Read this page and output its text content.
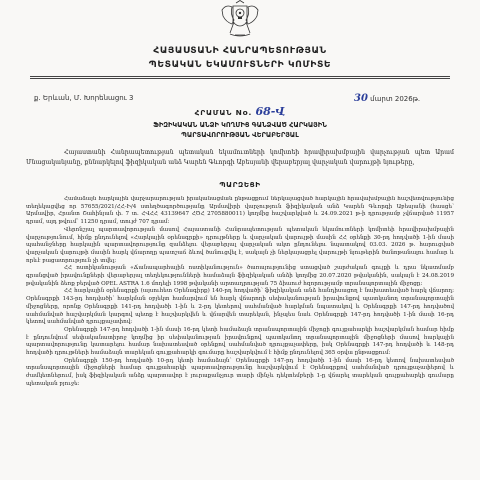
ՀԱՅԱՍՏԱՆԻ ՀԱՆՐԱՊԵՏՈՒԹՅԱՆ
ՊԵՏԱԿԱՆ ԵԿԱՄՈՒՏՆԵՐԻ ԿՈՄԻՏԵ
ք. Երևան, Մ. Խորենացու 3	30 մարտ 2026թ.
ՀՐԱՄԱՆ No. 68-Վ
ՖԻԶԻԿԱԿԱՆ ԱՆՁԻ ԿՈՂՄԻՑ ԳԱՆՁՎԱԾ ՀԱՐԿԱՅԻՆ
ՊԱՐՏԱՎՈՐՈՒԹՅԱՆ ՎԵՐԱԲԵՐՅԱԼ

Հայաստանի Հանրապետության պետական եկամուտների կոմիտեի հրավիրախմբային վարչության պետ Արամ Մնացականյանը, քննարկելով ֆիզիկական անձ Կարեն Գևորգի Աբեսյանի վերաբերյալ վարչական վարույթի նյութերը,

ՊԱՐԶԵՑԻ

Համաձայն հարկային վարչարարության իրականացման ընթացքում ներկայացված հարկային հրավախմբային հաշվետվությունից տեղեկացվեց որ 57655/2021/ՀՀ-Ի/4 ստեղծագործությանը Արմավիրի վարչություն ֆիզիկական անձ Կարեն Գևորգի Աբեսյանի (հասցե՝ Արմավիր, Հրանտ Շահինյան փ. 7 տ. ՀՎՀՀ 43139647 ՀԾՀ 2705880011) կողմից հաշվարկված և 24.09.2021 թ-ի դրությամբ չվճարված 11957 դրամ, այդ թվում՝ 11250 դրամ, տույժ 707 դրամ:

Վերոնշյալ պարտավորության մասով Հայաստանի Հանրապետության պետական եկամուտների կոմիտեի հրավիրախմբային վարչությունում, հիմք ընդունելով «Հարկային օրենսգրքի» դրույթները և վարչական վարույթի մասին ՀՀ օրենքի 30-րդ հոդվածի 1-ին մասի պահանջները հարկային պարտավորությունը զանձելու վերաբերյալ վարչական ակտ ընդունելու նպատակով 03.03. 2026 թ. հարուցված վարչական վարույթի մասին հարկ վճարողը պատշաճ ձևով ծանուցվել է, սակայն չի ներկայացրել վարույթի նյութերին ծանոթանալու համար և որևէ բացատրություն չի տվել:

ՀՀ ոստիկանության «Ճանապարհային ոստիկանություն» ծառայությունից ստացված շարժական գույքի և դրա նկատմամբ գրանցված իրավունքների վերաբերյալ տեղեկությունների համաձայն ֆիզիկական անձի կողմից 20.07.2020 թվականին, սակայն է 24.08.2019 թվականին ձեռք բերված OPEL ASTRA 1.6 մոդելի 1998 թվականի արտադրության 75 ձիաուժ հզորությամբ տրանսպորտային միջոցը:

ՀՀ հարկային օրենսգրքի (այսուհետ Օրենսգիրք) 140-րդ հոդվածի՝ ֆիզիկական անձ հանդիսացող է նախատեսված հարկ վճարող: Օրենսգրքի 143-րդ հոդվածի՝ հարկման օբյեկտ համարվում են հարկ վճարողի սեփականության իրավունքով պատկանող տրանսպորտային միջոցները, որոնք Օրենսգրքի 141-րդ հոդվածի 1-ին և 2-րդ կետերով սահմանված հարկման նպատակով և Օրենսգրքի 147-րդ հոդվածով սահմանված հաշվարկման կարգով պետք է հաշվարկվեն և վճարվեն տարեկան, ինչպես նաև Օրենսգրքի 147-րդ հոդվածի 1-ին մասի 16-րդ կետով սահմանված դրույքաչափով:

Օրենսգրքի 147-րդ հոդվածի 1-ին մասի 16-րդ կետի համաձայն տրանսպորտային միջոցի գույքահարկի հաշվարկման համար հիմք է ընդունվում սեփականատիրոջ կողմից իր սեփականության իրավունքով պատկանող տրանսպորտային միջոցների մասով հարկային պարտավորությունը կատարելու համար նախատեսված օրենքով սահմանված դրույքաչափերը, իսկ Օրենսգրքի 147-րդ հոդվածի և 148-րդ հոդվածի դրույթների համաձայն տարեկան գույքահարկի գումարը հաշվարկվում է հիմք ընդունելով 365 օրվա ընթացքում:

Օրենսգրքի 150-րդ հոդվածի 10-րդ կետի համաձայն՝ Օրենսգրքի 147-րդ հոդվածի 1-ին մասի 16-րդ կետով նախատեսված տրանսպորտային միջոցների համար գույքահարկի պարտավորությունը հաշվարկվում է Օրենսգրքով սահմանված դրույքաչափերով և ժամկետներում, իսկ ֆիզիկական անձը պարտավոր է յուրաքանչյուր տարի մինչև դեկտեմբերի 1-ը վճարել տարեկան գույքահարկի գումարը պետական բյուջե:
